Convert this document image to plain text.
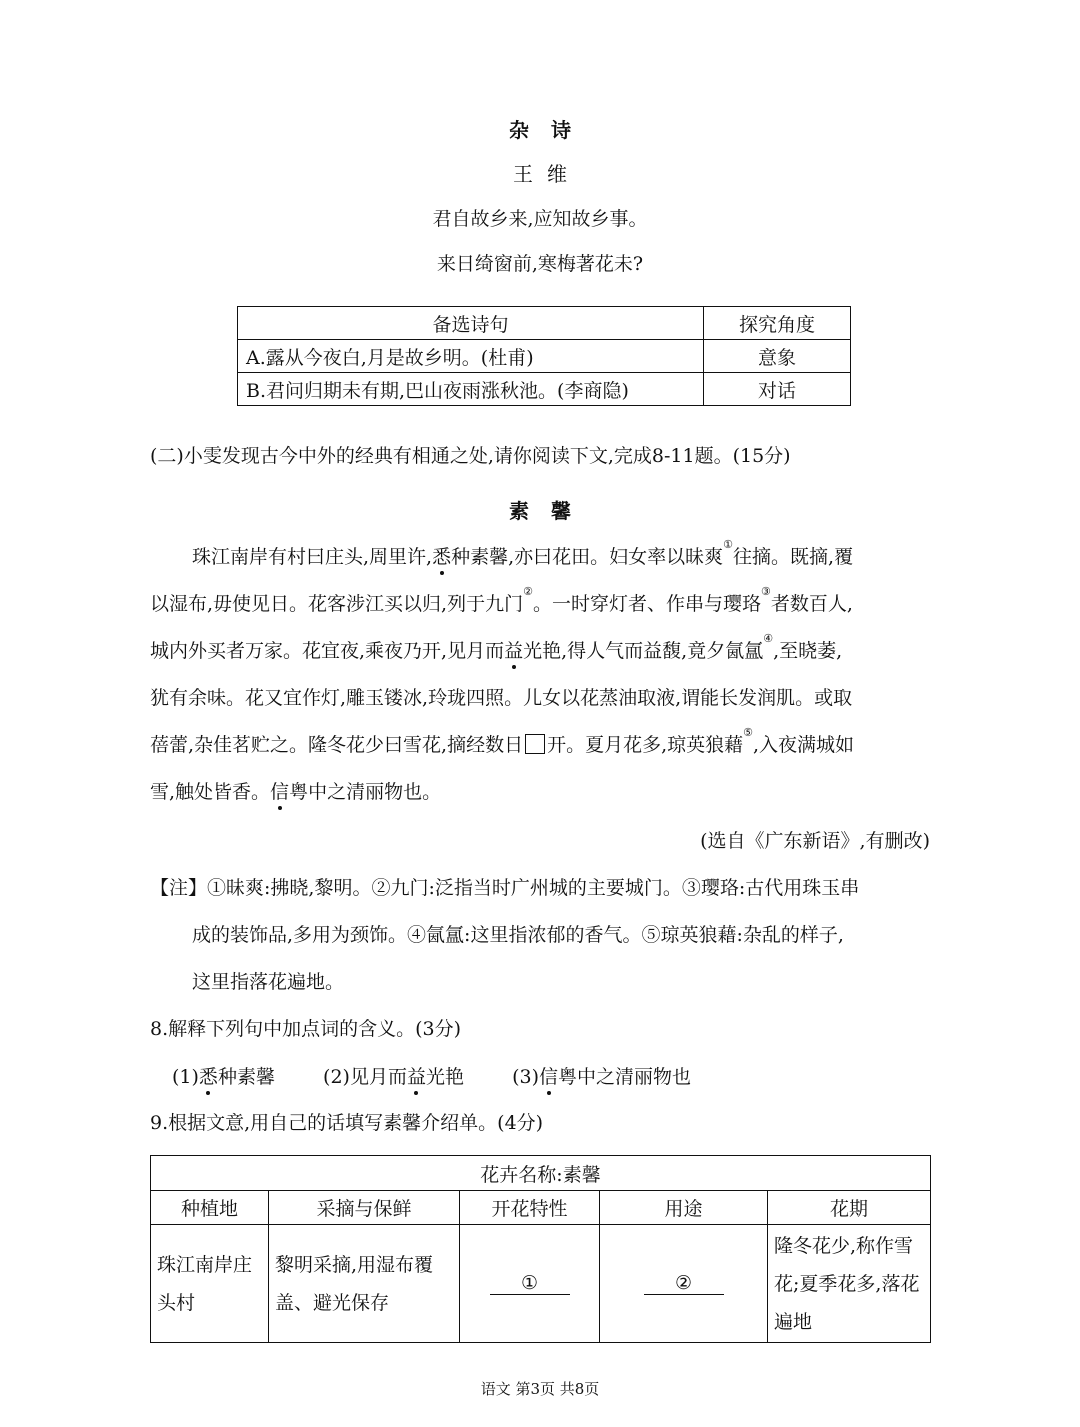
杂诗
王维
君自故乡来,应知故乡事。
来日绮窗前,寒梅著花未?
备选诗句	探究角度
A.露从今夜白,月是故乡明。(杜甫)	意象
B.君问归期未有期,巴山夜雨涨秋池。(李商隐)	对话
(二)小雯发现古今中外的经典有相通之处,请你阅读下文,完成8-11题。(15分)
素馨
珠江南岸有村曰庄头,周里许,悉种素馨,亦曰花田。妇女率以昧爽①往摘。既摘,覆
以湿布,毋使见日。花客涉江买以归,列于九门②。一时穿灯者、作串与璎珞③者数百人,
城内外买者万家。花宜夜,乘夜乃开,见月而益光艳,得人气而益馥,竟夕氤氲④,至晓萎,
犹有余味。花又宜作灯,雕玉镂冰,玲珑四照。儿女以花蒸油取液,谓能长发润肌。或取
蓓蕾,杂佳茗贮之。隆冬花少曰雪花,摘经数日 开。夏月花多,琼英狼藉⑤,入夜满城如
雪,触处皆香。信粤中之清丽物也。
(选自《广东新语》,有删改)
【注】①昧爽:拂晓,黎明。②九门:泛指当时广州城的主要城门。③璎珞:古代用珠玉串
成的装饰品,多用为颈饰。④氤氲:这里指浓郁的香气。⑤琼英狼藉:杂乱的样子,
这里指落花遍地。
8.解释下列句中加点词的含义。(3分)
(1)悉种素馨	(2)见月而益光艳	(3)信粤中之清丽物也
9.根据文意,用自己的话填写素馨介绍单。(4分)
花卉名称:素馨				
种植地	采摘与保鲜	开花特性	用途	花期
珠江南岸庄头村	黎明采摘,用湿布覆盖、避光保存	①	②	隆冬花少,称作雪花;夏季花多,落花遍地
语文 第3页 共8页
